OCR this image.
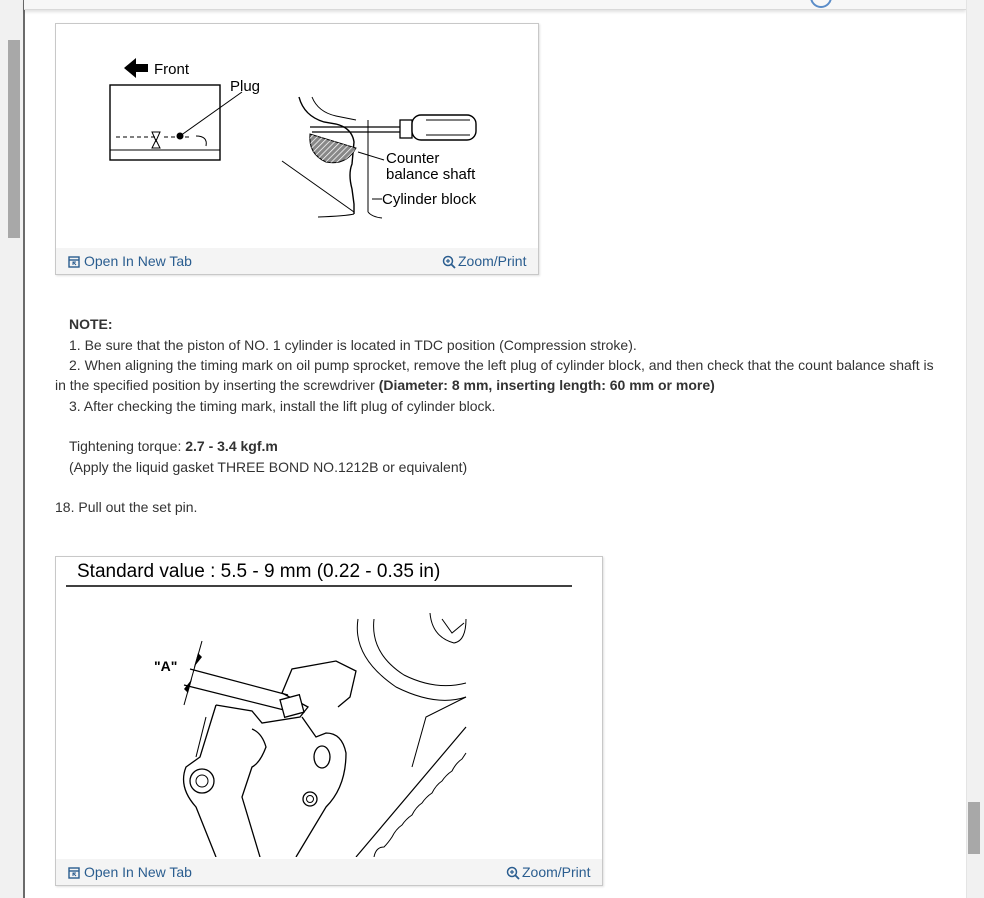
Front
Plug
Counter
balance shaft
Cylinder block
Open In New Tab	Zoom/Print
NOTE:
1. Be sure that the piston of NO. 1 cylinder is located in TDC position (Compression stroke).
2. When aligning the timing mark on oil pump sprocket, remove the left plug of cylinder block, and then check that the count balance shaft is
in the specified position by inserting the screwdriver (Diameter: 8 mm, inserting length: 60 mm or more)
3. After checking the timing mark, install the lift plug of cylinder block.
Tightening torque: 2.7 - 3.4 kgf.m
(Apply the liquid gasket THREE BOND NO.1212B or equivalent)
18. Pull out the set pin.
Standard value : 5.5 - 9 mm (0.22 - 0.35 in)
"A"
Open In New Tab	Zoom/Print
